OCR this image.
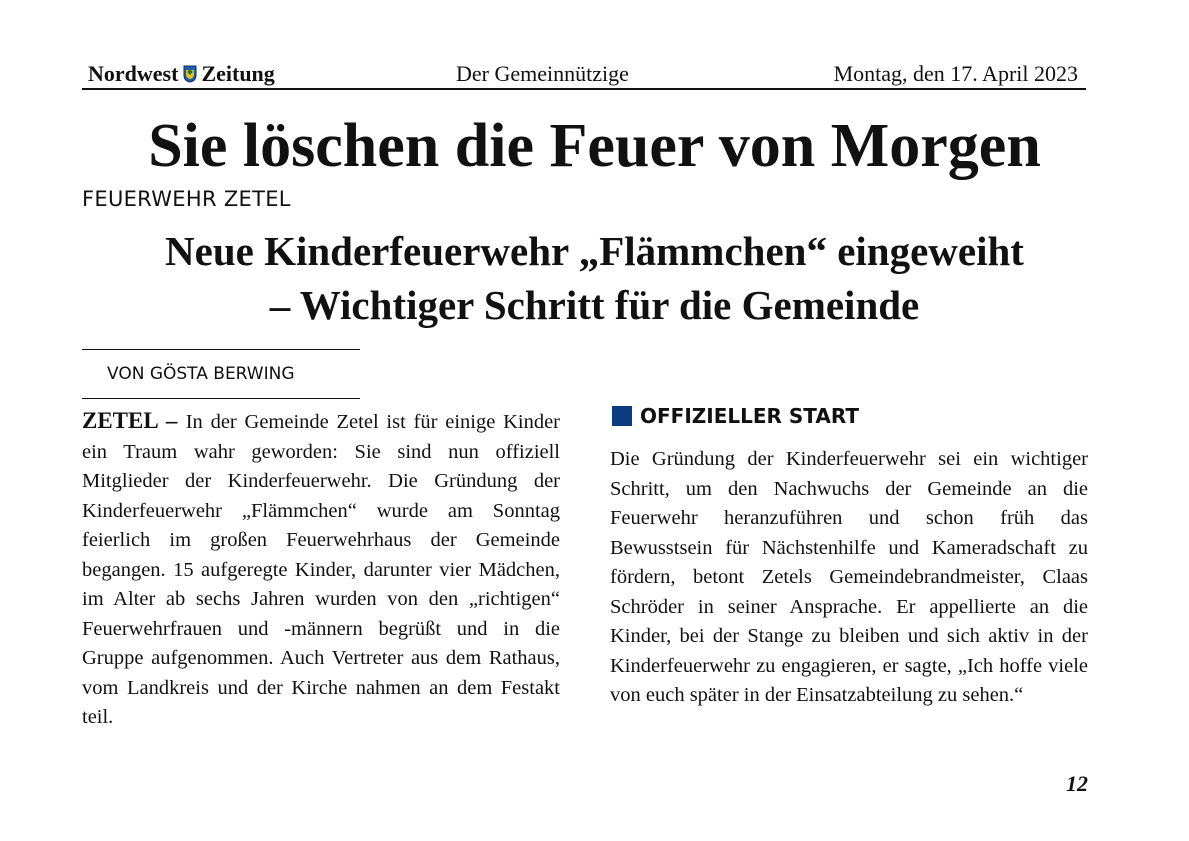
Nordwest Zeitung	Der Gemeinnützige	Montag, den 17. April 2023
Sie löschen die Feuer von Morgen
FEUERWEHR ZETEL
Neue Kinderfeuerwehr „Flämmchen“ eingeweiht
– Wichtiger Schritt für die Gemeinde
VON GÖSTA BERWING

ZETEL – In der Gemeinde Zetel ist für einige Kinder ein Traum wahr geworden: Sie sind nun offiziell Mitglieder der Kinderfeuerwehr. Die Gründung der Kinderfeuerwehr „Flämmchen“ wurde am Sonntag feierlich im großen Feuerwehrhaus der Gemeinde begangen. 15 aufgeregte Kinder, darunter vier Mädchen, im Alter ab sechs Jahren wurden von den „richtigen“ Feuerwehrfrauen und -männern begrüßt und in die Gruppe aufgenommen. Auch Vertreter aus dem Rathaus, vom Landkreis und der Kirche nahmen an dem Festakt teil.

OFFIZIELLER START

Die Gründung der Kinderfeuerwehr sei ein wichtiger Schritt, um den Nachwuchs der Gemeinde an die Feuerwehr heranzuführen und schon früh das Bewusstsein für Nächstenhilfe und Kameradschaft zu fördern, betont Zetels Gemeindebrandmeister, Claas Schröder in seiner Ansprache. Er appellierte an die Kinder, bei der Stange zu bleiben und sich aktiv in der Kinderfeuerwehr zu engagieren, er sagte, „Ich hoffe viele von euch später in der Einsatzabteilung zu sehen.“

12
